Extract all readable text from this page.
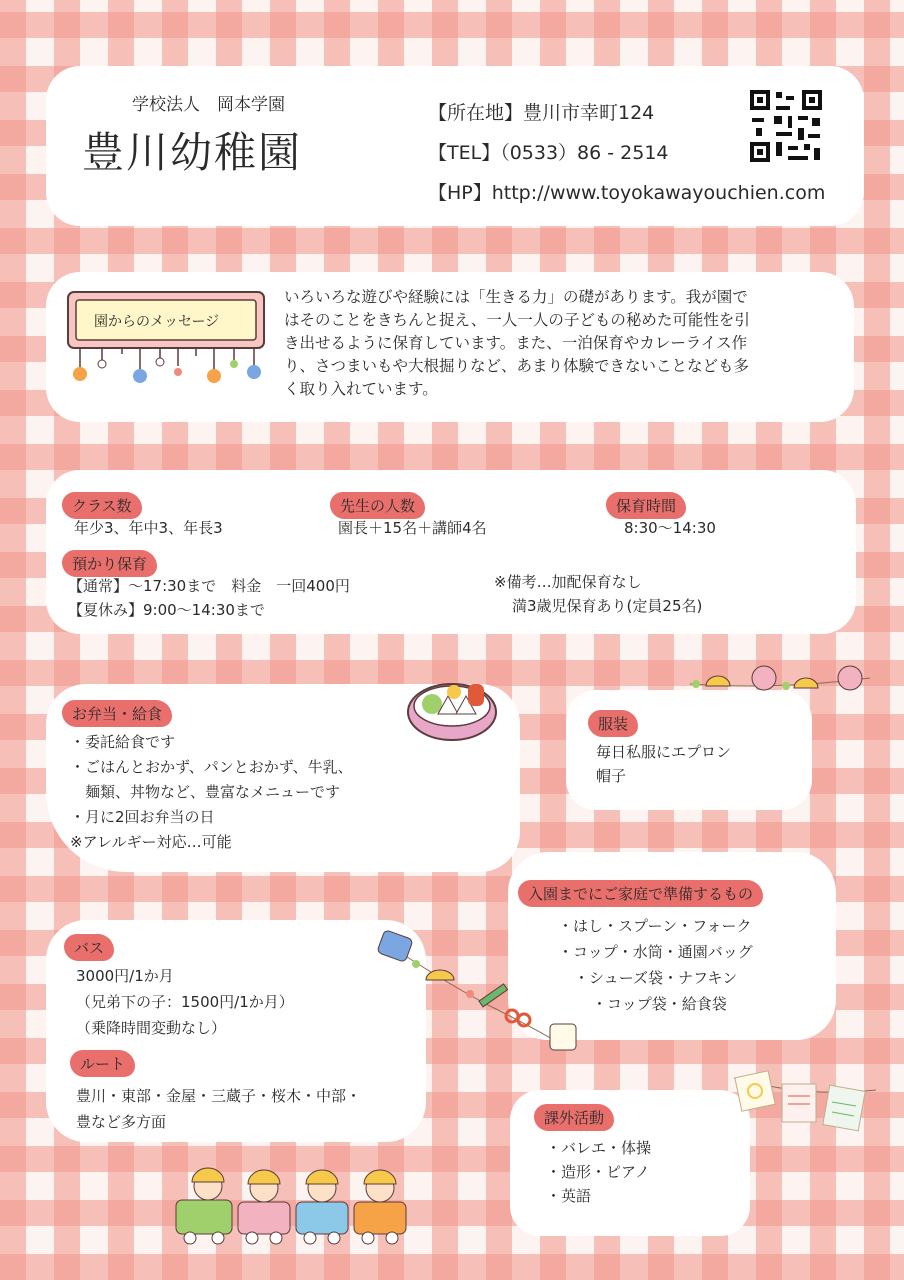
学校法人　岡本学園
豊川幼稚園
【所在地】豊川市幸町124
【TEL】（0533）86 - 2514
【HP】http://www.toyokawayouchien.com
園からのメッセージ
いろいろな遊びや経験には「生きる力」の礎があります。我が園で
はそのことをきちんと捉え、一人一人の子どもの秘めた可能性を引
き出せるように保育しています。また、一泊保育やカレーライス作
り、さつまいもや大根掘りなど、あまり体験できないことなども多
く取り入れています。
クラス数
年少3、年中3、年長3
先生の人数
園長＋15名＋講師4名
保育時間
8:30〜14:30
預かり保育
【通常】〜17:30まで　料金　一回400円
【夏休み】9:00〜14:30まで
※備考…加配保育なし
満3歳児保育あり(定員25名)
お弁当・給食
・委託給食です
・ごはんとおかず、パンとおかず、牛乳、
　麺類、丼物など、豊富なメニューです
・月に2回お弁当の日
※アレルギー対応…可能
服装
毎日私服にエプロン
帽子
入園までにご家庭で準備するもの
・はし・スプーン・フォーク
・コップ・水筒・通園バッグ
・シューズ袋・ナフキン
・コップ袋・給食袋
バス
3000円/1か月
（兄弟下の子：1500円/1か月）
（乗降時間変動なし）
ルート
豊川・東部・金屋・三蔵子・桜木・中部・
豊など多方面	課外活動
・バレエ・体操
・造形・ピアノ
・英語
